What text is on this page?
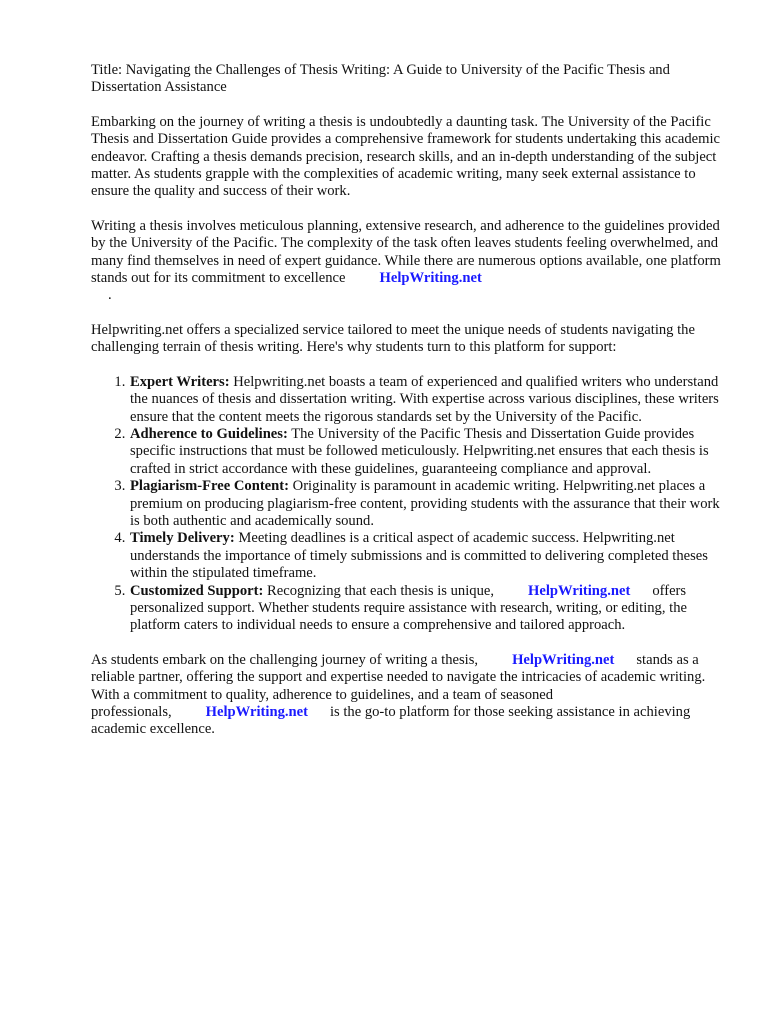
Title: Navigating the Challenges of Thesis Writing: A Guide to University of the Pacific Thesis and Dissertation Assistance

Embarking on the journey of writing a thesis is undoubtedly a daunting task. The University of the Pacific Thesis and Dissertation Guide provides a comprehensive framework for students undertaking this academic endeavor. Crafting a thesis demands precision, research skills, and an in-depth understanding of the subject matter. As students grapple with the complexities of academic writing, many seek external assistance to ensure the quality and success of their work.

Writing a thesis involves meticulous planning, extensive research, and adherence to the guidelines provided by the University of the Pacific. The complexity of the task often leaves students feeling overwhelmed, and many find themselves in need of expert guidance. While there are numerous options available, one platform stands out for its commitment to excellence HelpWriting.net
.

Helpwriting.net offers a specialized service tailored to meet the unique needs of students navigating the challenging terrain of thesis writing. Here's why students turn to this platform for support:

1. Expert Writers: Helpwriting.net boasts a team of experienced and qualified writers who understand the nuances of thesis and dissertation writing. With expertise across various disciplines, these writers ensure that the content meets the rigorous standards set by the University of the Pacific.
2. Adherence to Guidelines: The University of the Pacific Thesis and Dissertation Guide provides specific instructions that must be followed meticulously. Helpwriting.net ensures that each thesis is crafted in strict accordance with these guidelines, guaranteeing compliance and approval.
3. Plagiarism-Free Content: Originality is paramount in academic writing. Helpwriting.net places a premium on producing plagiarism-free content, providing students with the assurance that their work is both authentic and academically sound.
4. Timely Delivery: Meeting deadlines is a critical aspect of academic success. Helpwriting.net understands the importance of timely submissions and is committed to delivering completed theses within the stipulated timeframe.
5. Customized Support: Recognizing that each thesis is unique, HelpWriting.net offers personalized support. Whether students require assistance with research, writing, or editing, the platform caters to individual needs to ensure a comprehensive and tailored approach.

As students embark on the challenging journey of writing a thesis, HelpWriting.net stands as a reliable partner, offering the support and expertise needed to navigate the intricacies of academic writing. With a commitment to quality, adherence to guidelines, and a team of seasoned professionals, HelpWriting.net is the go-to platform for those seeking assistance in achieving academic excellence.
